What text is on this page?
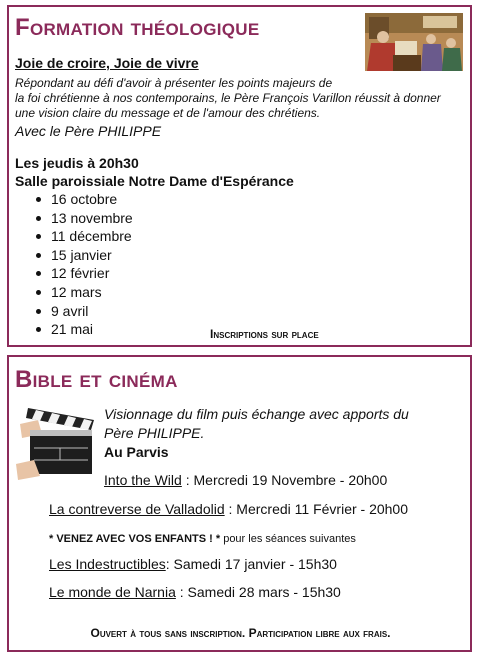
Formation théologique
Joie de croire, Joie de vivre
Répondant au défi d'avoir à présenter les points majeurs de
la foi chrétienne à nos contemporains, le Père François Varillon réussit à donner
une vision claire du message et de l'amour des chrétiens.
Avec le Père PHILIPPE
Les jeudis à 20h30
Salle paroissiale Notre Dame d'Espérance
16 octobre
13 novembre
11 décembre
15 janvier
12 février
12 mars
9 avril
21 mai	Inscriptions sur place
Bible et cinéma
Visionnage du film puis échange avec apports du
Père PHILIPPE.
Au Parvis
Into the Wild : Mercredi 19 Novembre - 20h00
La contreverse de Valladolid : Mercredi 11 Février - 20h00
* VENEZ AVEC VOS ENFANTS ! * pour les séances suivantes
Les Indestructibles: Samedi 17 janvier - 15h30
Le monde de Narnia : Samedi 28 mars - 15h30
Ouvert à tous sans inscription. Participation libre aux frais.
